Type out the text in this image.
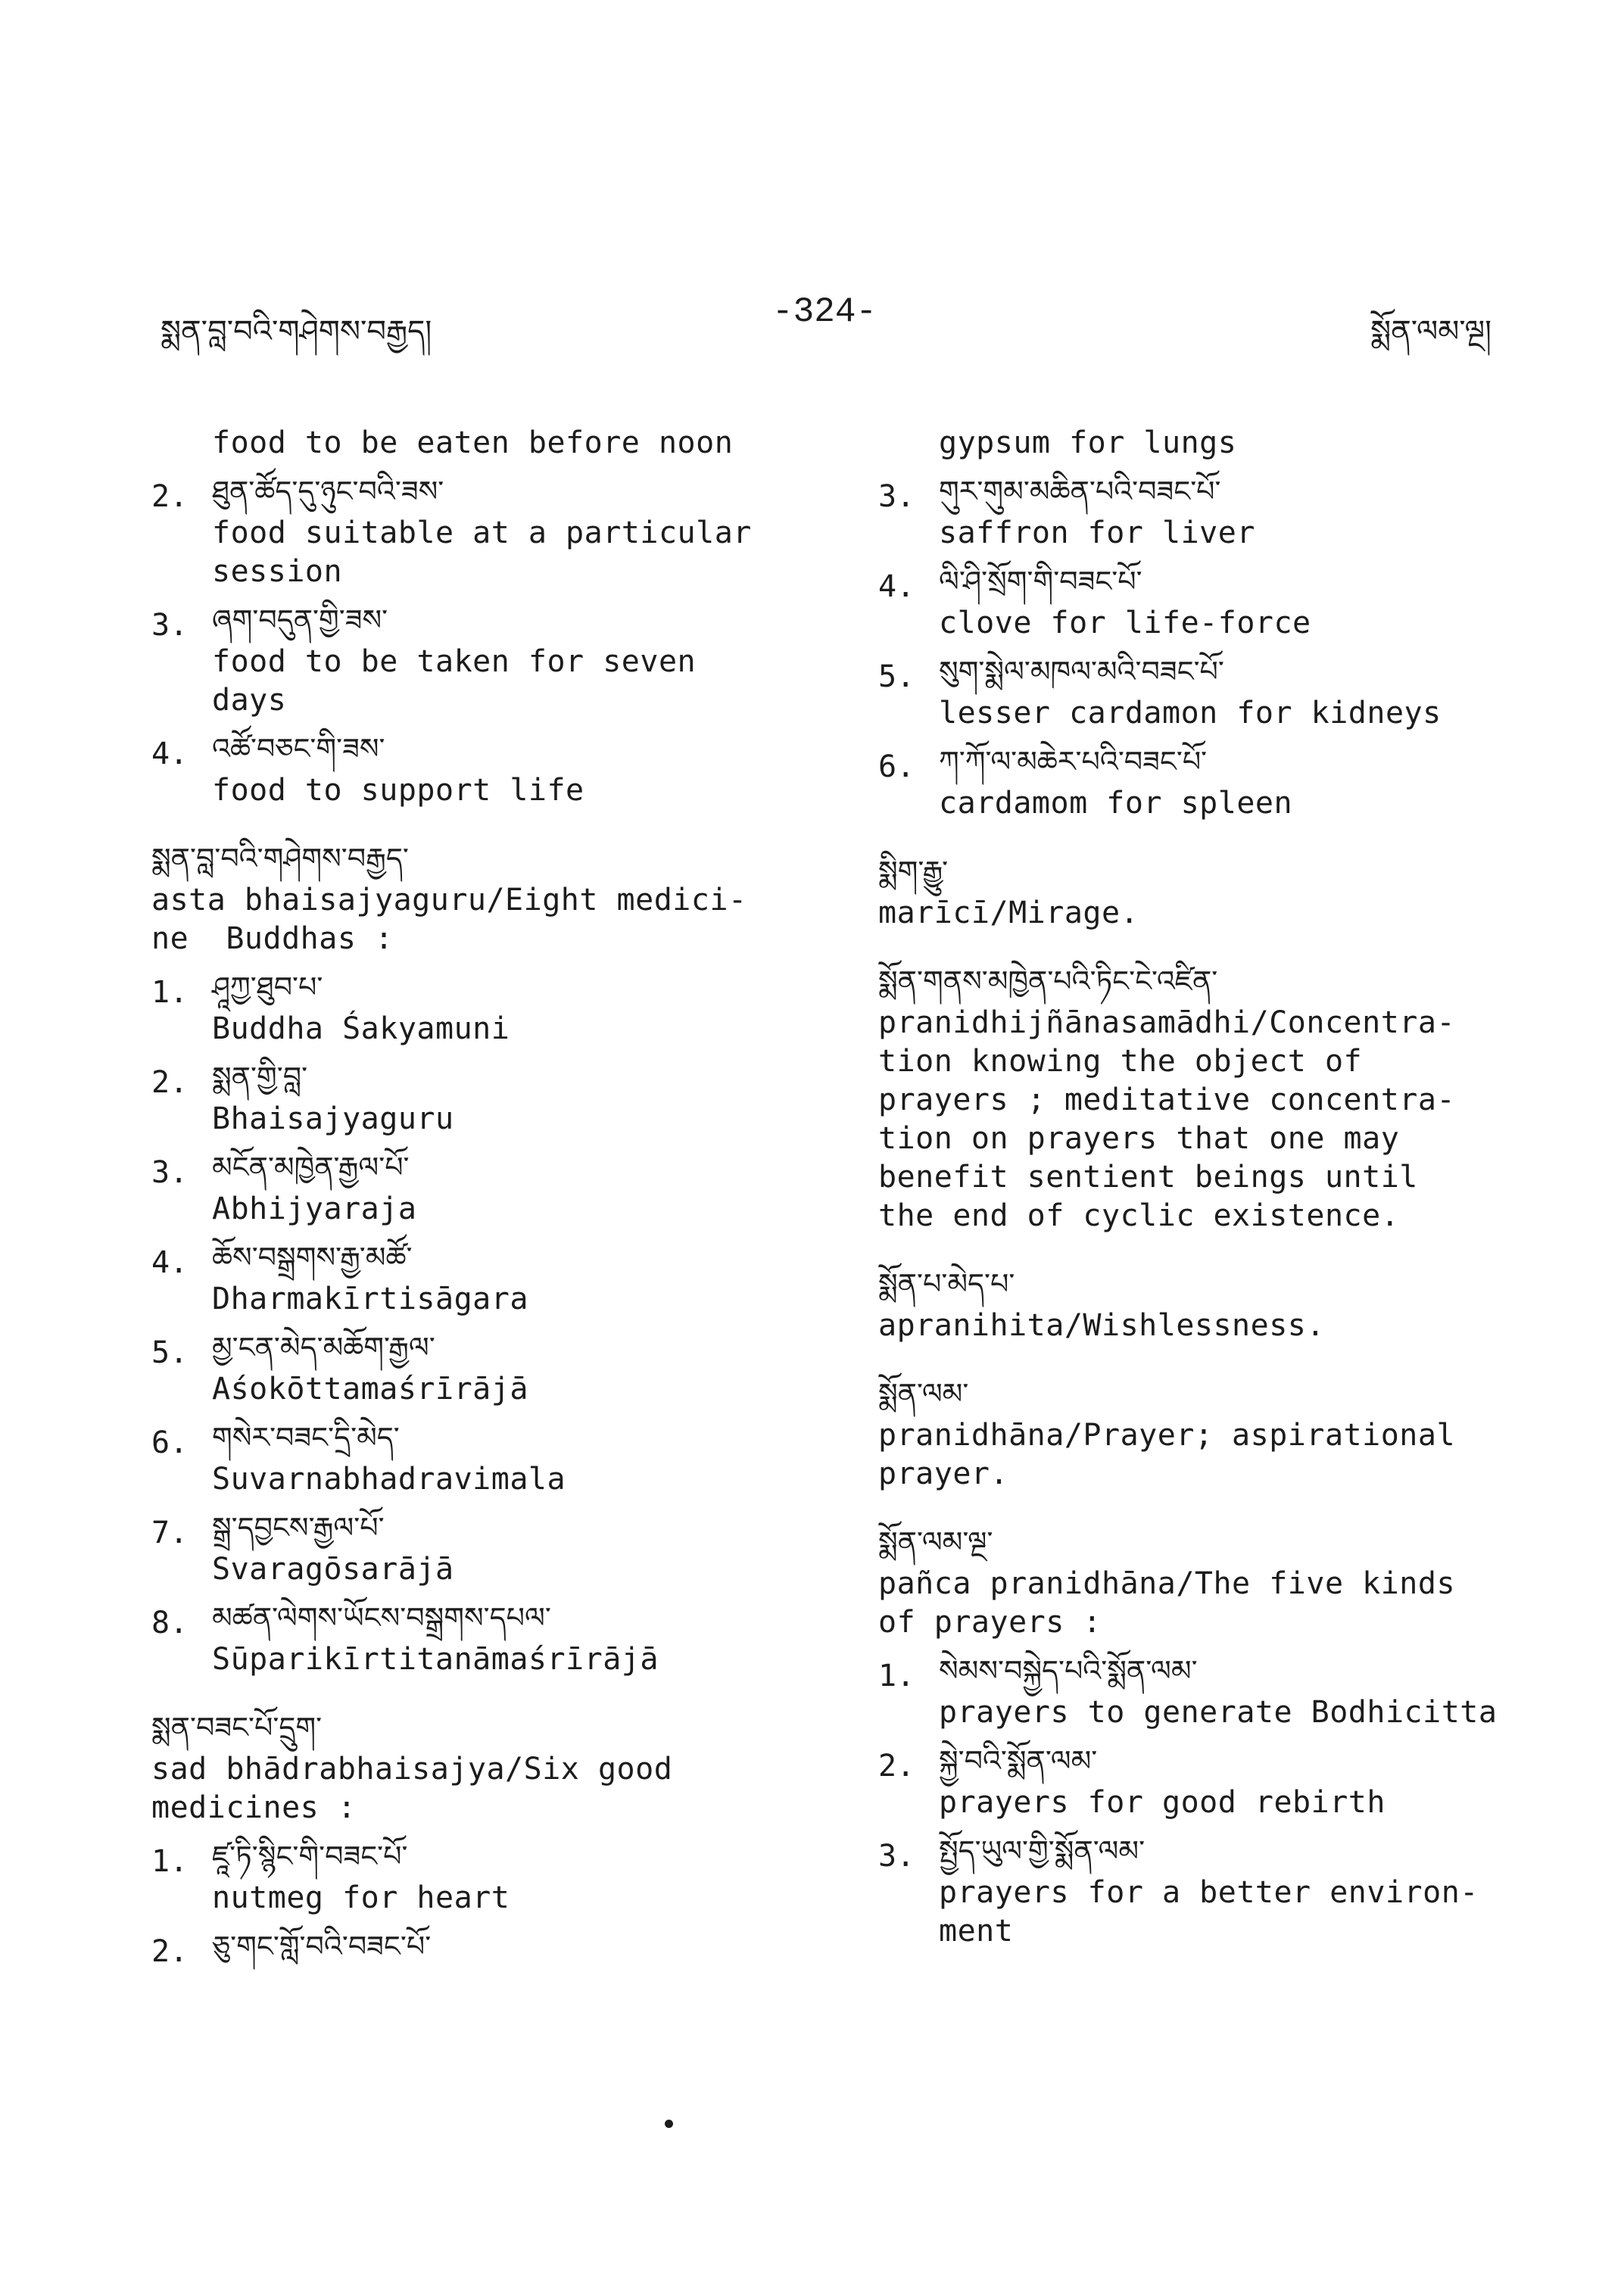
སྨན་བླ་བའི་གཤེགས་བརྒྱད།	-324-	སྨོན་ལམ་ལྔ།
food to be eaten before noon
2. ཐུན་ཚོད་དུ་ཉུང་བའི་ཟས་
food suitable at a particular
session
3. ཞག་བདུན་གྱི་ཟས་
food to be taken for seven
days
4. འཚོ་བཅང་གི་ཟས་
food to support life
སྨན་བླ་བའི་གཤེགས་བརྒྱད་
asta bhaisajyaguru/Eight medici-
ne  Buddhas :
1. ཤཱཀྱ་ཐུབ་པ་
Buddha Śakyamuni
2. སྨན་གྱི་བླ་
Bhaisajyaguru
3. མངོན་མཁྱེན་རྒྱལ་པོ་
Abhijyaraja
4. ཆོས་བསྒྲགས་རྒྱ་མཚོ་
Dharmakīrtisāgara
5. མྱ་ངན་མེད་མཆོག་རྒྱལ་
Aśokōttamaśrīrājā
6. གསེར་བཟང་དྲི་མེད་
Suvarnabhadravimala
7. སྒྲ་དབྱངས་རྒྱལ་པོ་
Svaragōsarājā
8. མཚན་ལེགས་ཡོངས་བསྒྲགས་དཔལ་
Sūparikīrtitanāmaśrīrājā
སྨན་བཟང་པོ་དྲུག་
sad bhādrabhaisajya/Six good
medicines :
1. ཛཱ་ཏི་སྙིང་གི་བཟང་པོ་
nutmeg for heart
2. ཅུ་གང་གློ་བའི་བཟང་པོ་
gypsum for lungs
3. གུར་གུམ་མཆིན་པའི་བཟང་པོ་
saffron for liver
4. ལི་ཤི་སྲོག་གི་བཟང་པོ་
clove for life-force
5. སུག་སྨེལ་མཁལ་མའི་བཟང་པོ་
lesser cardamon for kidneys
6. ཀ་ཀོ་ལ་མཆེར་པའི་བཟང་པོ་
cardamom for spleen
སྨིག་རྒྱུ་
marīcī/Mirage.
སྨོན་གནས་མཁྱེན་པའི་ཏིང་ངེ་འཛིན་
pranidhijñānasamādhi/Concentra-
tion knowing the object of
prayers ; meditative concentra-
tion on prayers that one may
benefit sentient beings until
the end of cyclic existence.
སྨོན་པ་མེད་པ་
apranihita/Wishlessness.
སྨོན་ལམ་
pranidhāna/Prayer; aspirational
prayer.
སྨོན་ལམ་ལྔ་
pañca pranidhāna/The five kinds
of prayers :
1. སེམས་བསྐྱེད་པའི་སྨོན་ལམ་
prayers to generate Bodhicitta
2. སྐྱེ་བའི་སྨོན་ལམ་
prayers for good rebirth
3. སྤྱོད་ཡུལ་གྱི་སྨོན་ལམ་
prayers for a better environ-
ment
